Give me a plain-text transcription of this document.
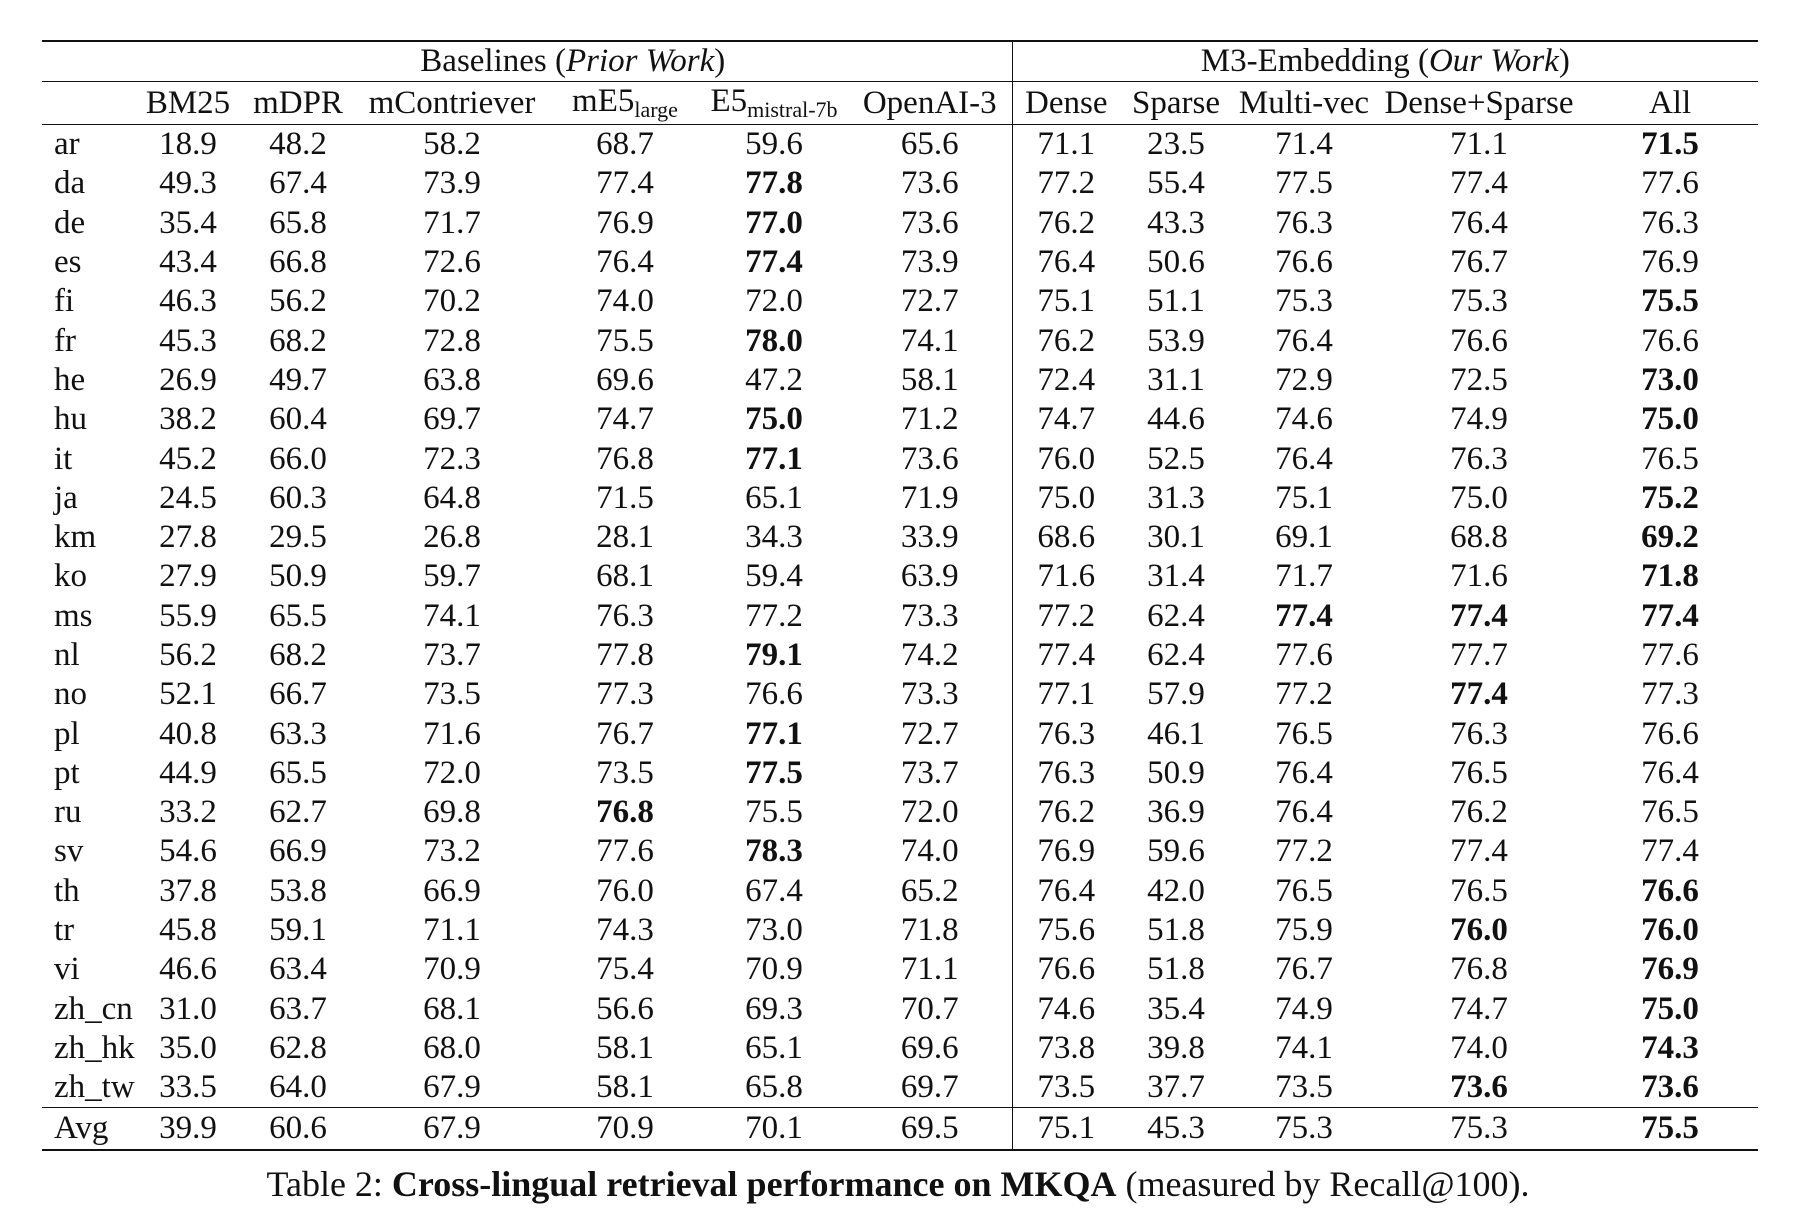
	Baselines (Prior Work)						M3-Embedding (Our Work)				
	BM25	mDPR	mContriever	$mE5_{large}$	$E5_{mistral-7b}$	OpenAI-3	Dense	Sparse	Multi-vec	Dense+Sparse	All
ar	18.9	48.2	58.2	68.7	59.6	65.6	71.1	23.5	71.4	71.1	71.5
da	49.3	67.4	73.9	77.4	77.8	73.6	77.2	55.4	77.5	77.4	77.6
de	35.4	65.8	71.7	76.9	77.0	73.6	76.2	43.3	76.3	76.4	76.3
es	43.4	66.8	72.6	76.4	77.4	73.9	76.4	50.6	76.6	76.7	76.9
fi	46.3	56.2	70.2	74.0	72.0	72.7	75.1	51.1	75.3	75.3	75.5
fr	45.3	68.2	72.8	75.5	78.0	74.1	76.2	53.9	76.4	76.6	76.6
he	26.9	49.7	63.8	69.6	47.2	58.1	72.4	31.1	72.9	72.5	73.0
hu	38.2	60.4	69.7	74.7	75.0	71.2	74.7	44.6	74.6	74.9	75.0
it	45.2	66.0	72.3	76.8	77.1	73.6	76.0	52.5	76.4	76.3	76.5
ja	24.5	60.3	64.8	71.5	65.1	71.9	75.0	31.3	75.1	75.0	75.2
km	27.8	29.5	26.8	28.1	34.3	33.9	68.6	30.1	69.1	68.8	69.2
ko	27.9	50.9	59.7	68.1	59.4	63.9	71.6	31.4	71.7	71.6	71.8
ms	55.9	65.5	74.1	76.3	77.2	73.3	77.2	62.4	77.4	77.4	77.4
nl	56.2	68.2	73.7	77.8	79.1	74.2	77.4	62.4	77.6	77.7	77.6
no	52.1	66.7	73.5	77.3	76.6	73.3	77.1	57.9	77.2	77.4	77.3
pl	40.8	63.3	71.6	76.7	77.1	72.7	76.3	46.1	76.5	76.3	76.6
pt	44.9	65.5	72.0	73.5	77.5	73.7	76.3	50.9	76.4	76.5	76.4
ru	33.2	62.7	69.8	76.8	75.5	72.0	76.2	36.9	76.4	76.2	76.5
sv	54.6	66.9	73.2	77.6	78.3	74.0	76.9	59.6	77.2	77.4	77.4
th	37.8	53.8	66.9	76.0	67.4	65.2	76.4	42.0	76.5	76.5	76.6
tr	45.8	59.1	71.1	74.3	73.0	71.8	75.6	51.8	75.9	76.0	76.0
vi	46.6	63.4	70.9	75.4	70.9	71.1	76.6	51.8	76.7	76.8	76.9
zh_cn	31.0	63.7	68.1	56.6	69.3	70.7	74.6	35.4	74.9	74.7	75.0
zh_hk	35.0	62.8	68.0	58.1	65.1	69.6	73.8	39.8	74.1	74.0	74.3
zh_tw	33.5	64.0	67.9	58.1	65.8	69.7	73.5	37.7	73.5	73.6	73.6
Avg	39.9	60.6	67.9	70.9	70.1	69.5	75.1	45.3	75.3	75.3	75.5
Table 2: Cross-lingual retrieval performance on MKQA (measured by Recall@100).
